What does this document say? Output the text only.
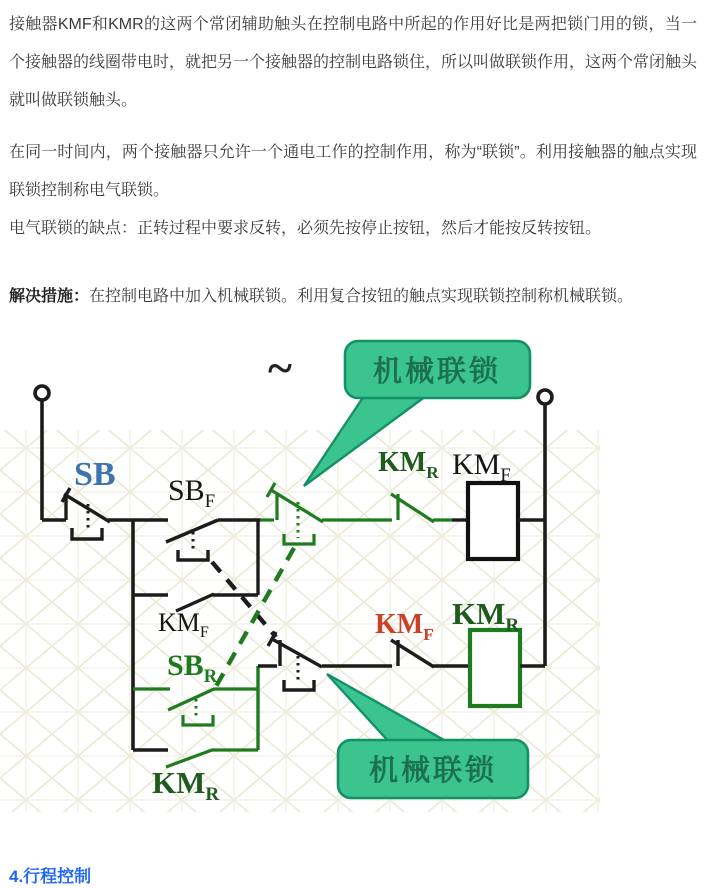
接触器KMF和KMR的这两个常闭辅助触头在控制电路中所起的作用好比是两把锁门用的锁，当一个接触器的线圈带电时，就把另一个接触器的控制电路锁住，所以叫做联锁作用，这两个常闭触头就叫做联锁触头。

在同一时间内，两个接触器只允许一个通电工作的控制作用，称为“联锁”。利用接触器的触点实现联锁控制称电气联锁。

电气联锁的缺点：正转过程中要求反转，必须先按停止按钮，然后才能按反转按钮。

解决措施：在控制电路中加入机械联锁。利用复合按钮的触点实现联锁控制称机械联锁。

机械联锁
机械联锁
~
SB $SB_F$
$KM_R$ $KM_F$
$KM_F$
$SB_R$
$KM_F$
$KM_R$
$KM_R$
4.行程控制
